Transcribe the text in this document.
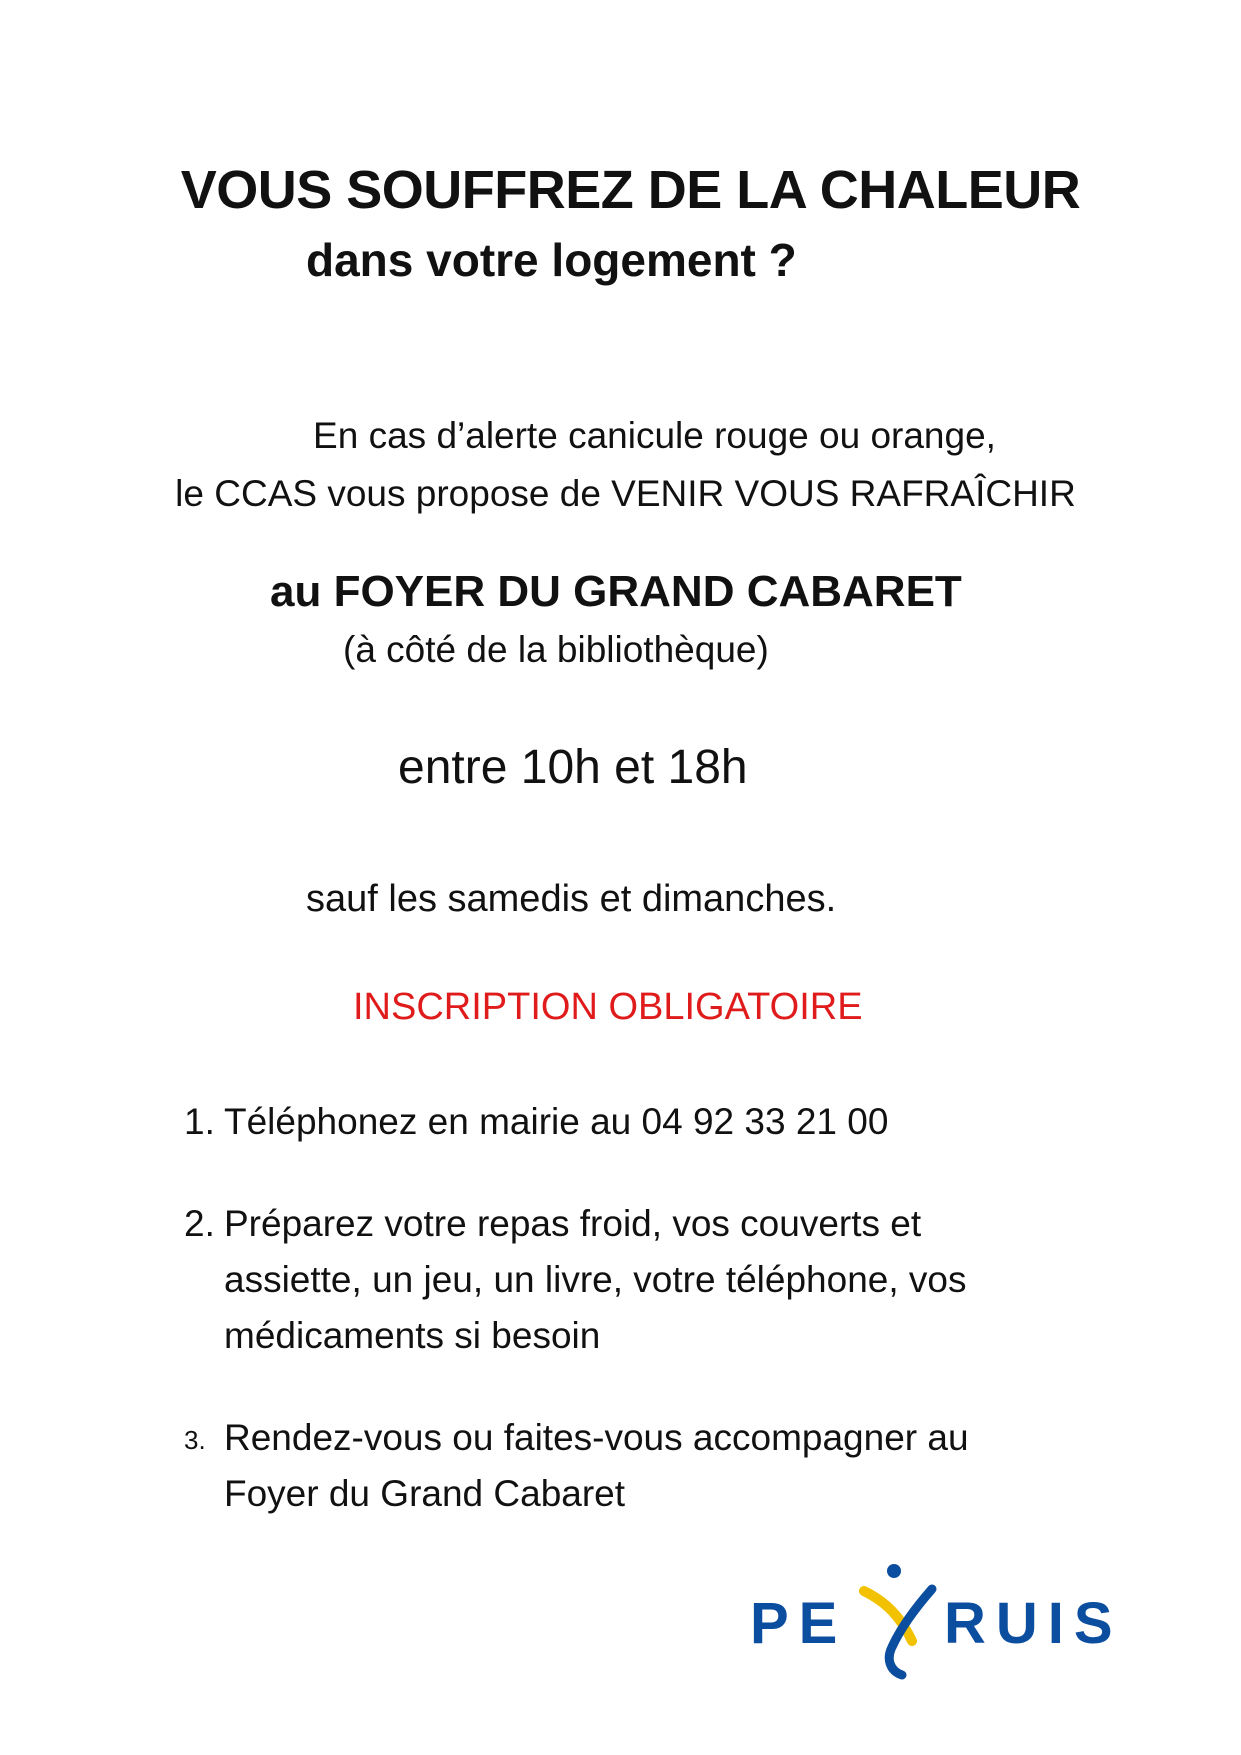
VOUS SOUFFREZ DE LA CHALEUR
dans votre logement ?
En cas d’alerte canicule rouge ou orange,
le CCAS vous propose de VENIR VOUS RAFRAÎCHIR
au FOYER DU GRAND CABARET
(à côté de la bibliothèque)
entre 10h et 18h
sauf les samedis et dimanches.
INSCRIPTION OBLIGATOIRE
1. Téléphonez en mairie au 04 92 33 21 00
2. Préparez votre repas froid, vos couverts et
assiette, un jeu, un livre, votre téléphone, vos
médicaments si besoin
3. Rendez-vous ou faites-vous accompagner au
Foyer du Grand Cabaret
PE RUIS
